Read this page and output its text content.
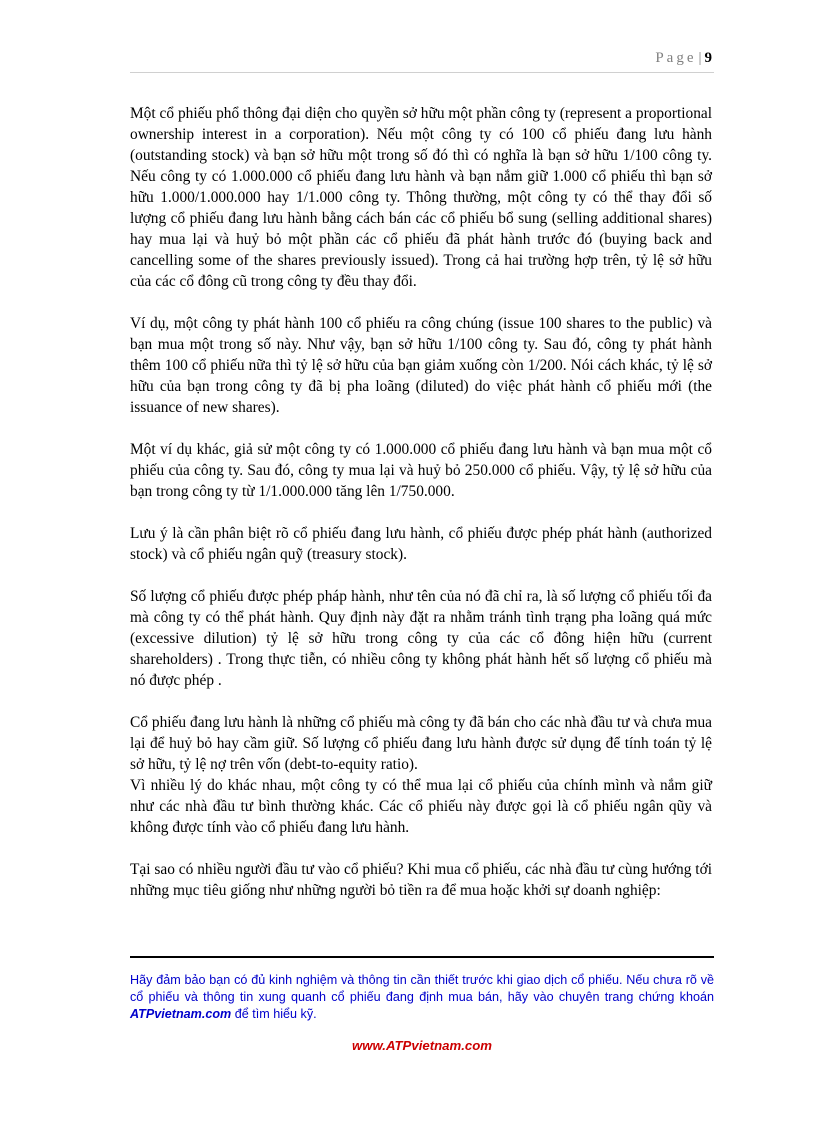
Page | 9

Một cổ phiếu phổ thông đại diện cho quyền sở hữu một phần công ty (represent a proportional ownership interest in a corporation). Nếu một công ty có 100 cổ phiếu đang lưu hành (outstanding stock) và bạn sở hữu một trong số đó thì có nghĩa là bạn sở hữu 1/100 công ty. Nếu công ty có 1.000.000 cổ phiếu đang lưu hành và bạn nắm giữ 1.000 cổ phiếu thì bạn sở hữu 1.000/1.000.000 hay 1/1.000 công ty. Thông thường, một công ty có thể thay đổi số lượng cổ phiếu đang lưu hành bằng cách bán các cổ phiếu bổ sung (selling additional shares) hay mua lại và huỷ bỏ một phần các cổ phiếu đã phát hành trước đó (buying back and cancelling some of the shares previously issued). Trong cả hai trường hợp trên, tỷ lệ sở hữu của các cổ đông cũ trong công ty đều thay đổi.

Ví dụ, một công ty phát hành 100 cổ phiếu ra công chúng (issue 100 shares to the public) và bạn mua một trong số này. Như vậy, bạn sở hữu 1/100 công ty. Sau đó, công ty phát hành thêm 100 cổ phiếu nữa thì tỷ lệ sở hữu của bạn giảm xuống còn 1/200. Nói cách khác, tỷ lệ sở hữu của bạn trong công ty đã bị pha loãng (diluted) do việc phát hành cổ phiếu mới (the issuance of new shares).

Một ví dụ khác, giả sử một công ty có 1.000.000 cổ phiếu đang lưu hành và bạn mua một cổ phiếu của công ty. Sau đó, công ty mua lại và huỷ bỏ 250.000 cổ phiếu. Vậy, tỷ lệ sở hữu của bạn trong công ty từ 1/1.000.000 tăng lên 1/750.000.

Lưu ý là cần phân biệt rõ cổ phiếu đang lưu hành, cổ phiếu được phép phát hành (authorized stock) và cổ phiếu ngân quỹ (treasury stock).

Số lượng cổ phiếu được phép pháp hành, như tên của nó đã chỉ ra, là số lượng cổ phiếu tối đa mà công ty có thể phát hành. Quy định này đặt ra nhằm tránh tình trạng pha loãng quá mức (excessive dilution) tỷ lệ sở hữu trong công ty của các cổ đông hiện hữu (current shareholders) . Trong thực tiễn, có nhiều công ty không phát hành hết số lượng cổ phiếu mà nó được phép .

Cổ phiếu đang lưu hành là những cổ phiếu mà công ty đã bán cho các nhà đầu tư và chưa mua lại để huỷ bỏ hay cầm giữ. Số lượng cổ phiếu đang lưu hành được sử dụng để tính toán tỷ lệ sở hữu, tỷ lệ nợ trên vốn (debt-to-equity ratio).

Vì nhiều lý do khác nhau, một công ty có thể mua lại cổ phiếu của chính mình và nắm giữ như các nhà đầu tư bình thường khác. Các cổ phiếu này được gọi là cổ phiếu ngân qũy và không được tính vào cổ phiếu đang lưu hành.

Tại sao có nhiều người đầu tư vào cổ phiếu? Khi mua cổ phiếu, các nhà đầu tư cùng hướng tới những mục tiêu giống như những người bỏ tiền ra để mua hoặc khởi sự doanh nghiệp:

Hãy đảm bảo bạn có đủ kinh nghiệm và thông tin cần thiết trước khi giao dịch cổ phiếu. Nếu chưa rõ về cổ phiếu và thông tin xung quanh cổ phiếu đang định mua bán, hãy vào chuyên trang chứng khoán ATPvietnam.com để tìm hiểu kỹ.
www.ATPvietnam.com
